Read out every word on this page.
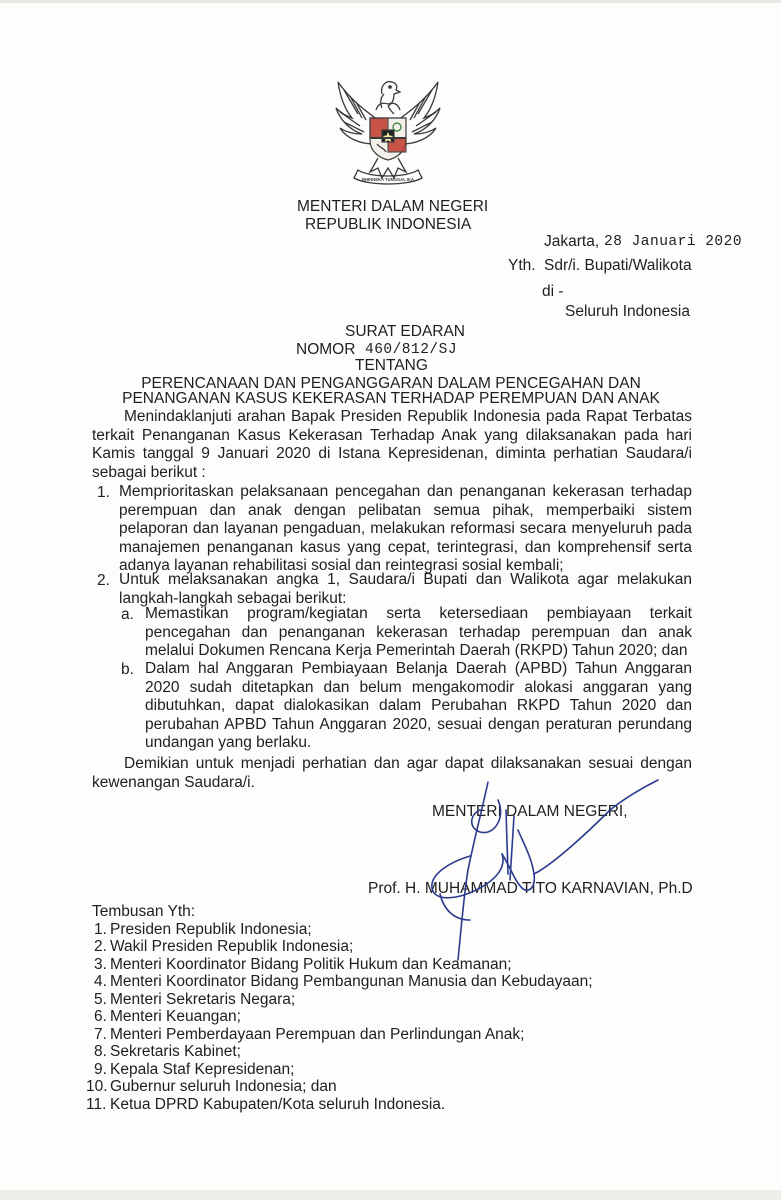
BHINNEKA TUNGGAL IKA
MENTERI DALAM NEGERI
REPUBLIK INDONESIA
Jakarta, 28 Januari 2020
Yth. Sdr/i. Bupati/Walikota
di -
Seluruh Indonesia
SURAT EDARAN
NOMOR 460/812/SJ
TENTANG
PERENCANAAN DAN PENGANGGARAN DALAM PENCEGAHAN DAN
PENANGANAN KASUS KEKERASAN TERHADAP PEREMPUAN DAN ANAK
Menindaklanjuti arahan Bapak Presiden Republik Indonesia pada Rapat Terbatas terkait Penanganan Kasus Kekerasan Terhadap Anak yang dilaksanakan pada hari Kamis tanggal 9 Januari 2020 di Istana Kepresidenan, diminta perhatian Saudara/i sebagai berikut :
1. Memprioritaskan pelaksanaan pencegahan dan penanganan kekerasan terhadap perempuan dan anak dengan pelibatan semua pihak, memperbaiki sistem pelaporan dan layanan pengaduan, melakukan reformasi secara menyeluruh pada manajemen penanganan kasus yang cepat, terintegrasi, dan komprehensif serta adanya layanan rehabilitasi sosial dan reintegrasi sosial kembali;
2. Untuk melaksanakan angka 1, Saudara/i Bupati dan Walikota agar melakukan langkah-langkah sebagai berikut:
a. Memastikan program/kegiatan serta ketersediaan pembiayaan terkait pencegahan dan penanganan kekerasan terhadap perempuan dan anak melalui Dokumen Rencana Kerja Pemerintah Daerah (RKPD) Tahun 2020; dan
b. Dalam hal Anggaran Pembiayaan Belanja Daerah (APBD) Tahun Anggaran 2020 sudah ditetapkan dan belum mengakomodir alokasi anggaran yang dibutuhkan, dapat dialokasikan dalam Perubahan RKPD Tahun 2020 dan perubahan APBD Tahun Anggaran 2020, sesuai dengan peraturan perundang undangan yang berlaku.
Demikian untuk menjadi perhatian dan agar dapat dilaksanakan sesuai dengan kewenangan Saudara/i.
MENTERI DALAM NEGERI,
Prof. H. MUHAMMAD TITO KARNAVIAN, Ph.D
Tembusan Yth:
1. Presiden Republik Indonesia;
2. Wakil Presiden Republik Indonesia;
3. Menteri Koordinator Bidang Politik Hukum dan Keamanan;
4. Menteri Koordinator Bidang Pembangunan Manusia dan Kebudayaan;
5. Menteri Sekretaris Negara;
6. Menteri Keuangan;
7. Menteri Pemberdayaan Perempuan dan Perlindungan Anak;
8. Sekretaris Kabinet;
9. Kepala Staf Kepresidenan;
10. Gubernur seluruh Indonesia; dan
11. Ketua DPRD Kabupaten/Kota seluruh Indonesia.
